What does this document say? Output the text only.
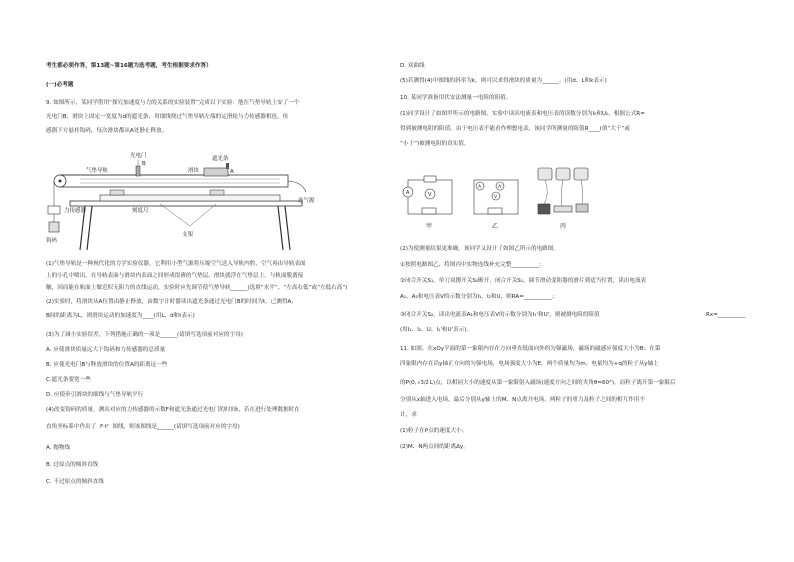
考生都必须作答，第13题~第16题为选考题，考生根据要求作答）
(一)必考题
9. 如图所示，某同学借用“探究加速度与力的关系的实验装置”完成以下实验：他在气垫导轨上安了一个
光电门B，滑块上固定一宽度为d的遮光条，用细线绕过气垫导轨左端的定滑轮与力传感器相连，传
感器下方悬挂钩码，每次滑块都从A处静止释放。
光电门
B
遮光条
滑块
气垫导轨	A
力传感器	刻度尺
支架
钩码
连气源
(1)气垫导轨是一种现代化的力学实验仪器。它利用小型气源将压缩空气送入导轨内腔，空气再由导轨表面
上的小孔中喷出，在导轨表面与滑块内表面之间形成很薄的气垫层。滑块就浮在气垫层上，与轨面脱离接
触，因而能在轨面上做近似无阻力的直线运动，实验时应先调节使气垫导轨______(选填“水平”、“左高右低”或“左低右高”)
(2)实验时，将滑块从A位置由静止释放，由数字计时器读出遮光条通过光电门B的时间为t，已测得A、
B间的距离为L，则滑块运动的加速度为____(用L、d和t表示)
(3)为了减小实验误差，下列措施正确的一项是______(请填写选项前对应的字母)
A. 应使滑块质量远大于钩码和力传感器的总质量
B. 应使光电门B与释放滑块的位置A的距离远一些
C.遮光条要宽一些
D. 应使牵引滑块的细线与气垫导轨平行
(4)改变钩码的质量，测出对应的力传感器的示数F和遮光条通过光电门的时间t，若在进行处理数据时在
直角坐标系中作出了 F·t² 图线，则该图线是______(请填写选项前对应的字母)
A. 抛物线
B. 过原点的倾斜直线
C. 不过原点的倾斜直线
D. 双曲线
(5)若测得(4)中图线的斜率为k，则可以求得滑块的质量为______。(用d、L和k表示)
10. 某同学准备用伏安法测量一电阻的阻值。
(1)同学设计了如图甲所示的电路图，实验中读出电流表和电压表的读数分别为I₀和U₀，根据公式R=
得到被测电阻的阻值。由于电压表不能看作理想电表，该同学所测量的阻值R____(填“大于”或
“小于”)被测电阻的真实值。
A	V
甲
A	A
V
乙	丙
(2)为使测量结果更准确，该同学又设计了如图乙所示的电路图。
①按照电路图乙，将图丙中实物连线补充完整__________;
②闭合开关S₁，单刀双掷开关S₂断开，闭合开关S₁，调节滑动变阻器的滑片到适当位置，读出电流表
A₁、A₂和电压表V的示数分别为I₁、I₂和U，则RA=__________；
③闭合开关S₂，读出电流表A₁和电压表V的示数分别为I₁'和U'，则被测电阻的阻值	Rx=__________
(用I₁、I₂、U、I₁'和U'表示)。
11. 如图，在xOy平面的第一象限内存在方向垂直纸面向外的匀强磁场，磁场的磁感应强度大小为B；在第
四象限内存在沿y轴正方向的匀强电场，电场强度大小为E。两个质量均为m、电量均为+q的粒子从y轴上
的P(0,√3/2L)点，以相同大小的速度从第一象限射入磁场(速度方向之间的夹角θ=60°)，而粒子离开第一象限后
分别从x轴进入电场，最后分别从y轴上的M、N点离开电场。两粒子的重力及粒子之间的相互作用不
计，求
(1)粒子在P点的速度大小；
(2)M、N两点间的距离Δy。
